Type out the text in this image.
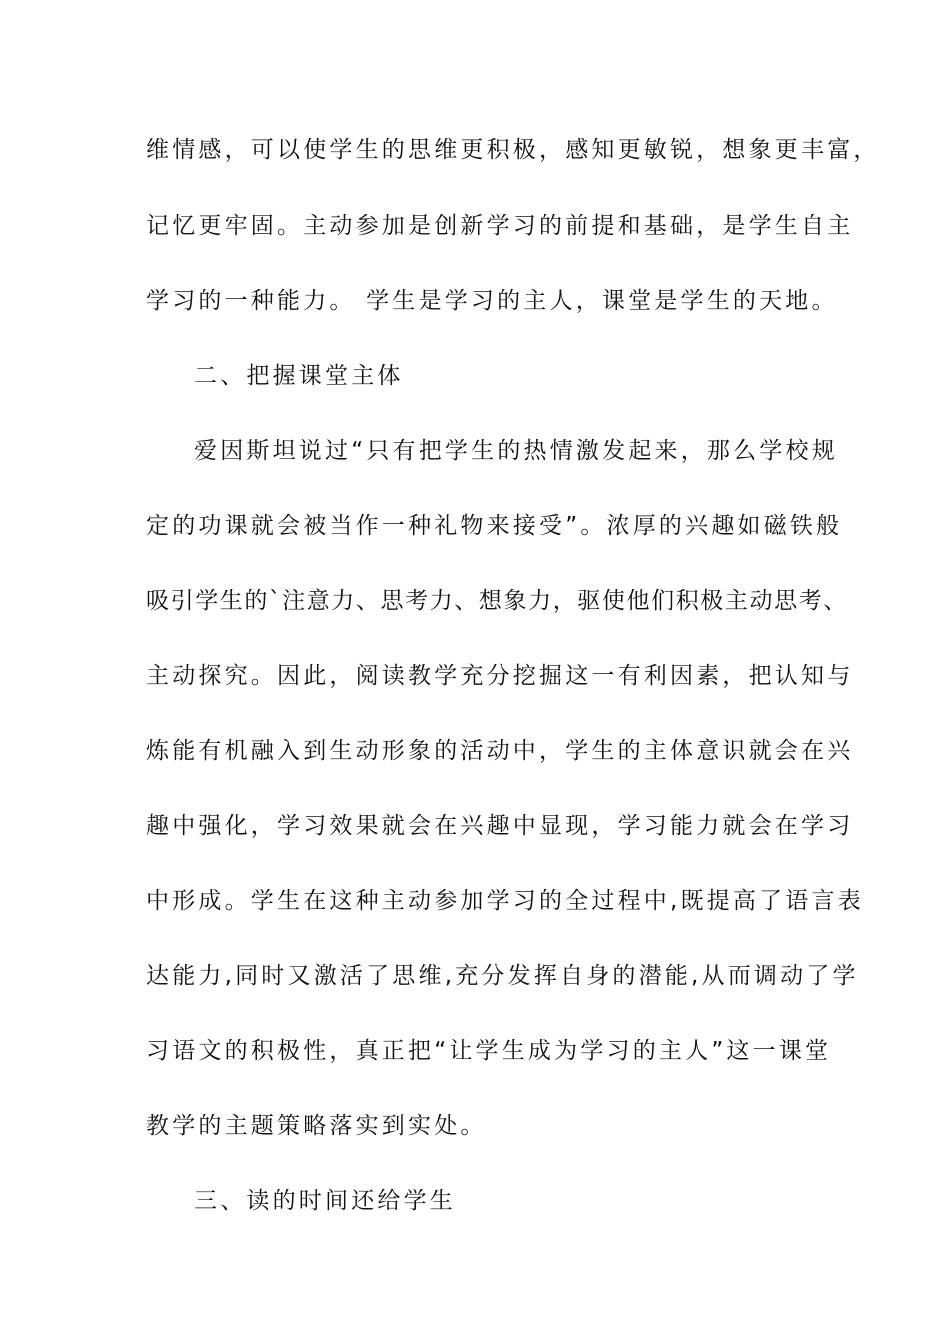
维情感，可以使学生的思维更积极，感知更敏锐，想象更丰富，
记忆更牢固。主动参加是创新学习的前提和基础，是学生自主
学习的一种能力。 学生是学习的主人，课堂是学生的天地。
二、把握课堂主体
爱因斯坦说过“只有把学生的热情激发起来，那么学校规
定的功课就会被当作一种礼物来接受”。浓厚的兴趣如磁铁般
吸引学生的`注意力、思考力、想象力，驱使他们积极主动思考、
主动探究。因此，阅读教学充分挖掘这一有利因素，把认知与
炼能有机融入到生动形象的活动中，学生的主体意识就会在兴
趣中强化，学习效果就会在兴趣中显现，学习能力就会在学习
中形成。学生在这种主动参加学习的全过程中,既提高了语言表
达能力,同时又激活了思维,充分发挥自身的潜能,从而调动了学
习语文的积极性，真正把“让学生成为学习的主人”这一课堂
教学的主题策略落实到实处。
三、读的时间还给学生
